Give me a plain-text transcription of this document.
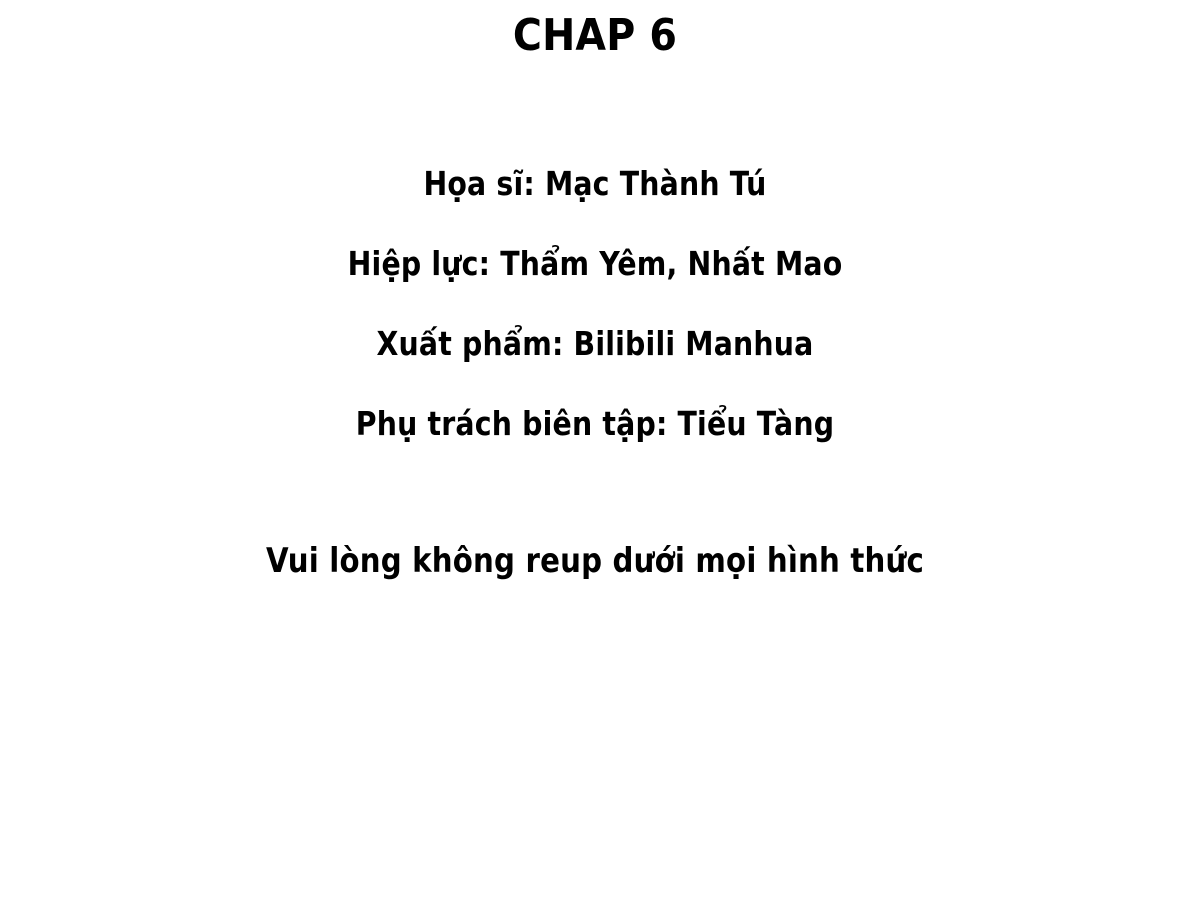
CHAP 6
Họa sĩ: Mạc Thành Tú
Hiệp lực: Thẩm Yêm, Nhất Mao
Xuất phẩm: Bilibili Manhua
Phụ trách biên tập: Tiểu Tàng
Vui lòng không reup dưới mọi hình thức
